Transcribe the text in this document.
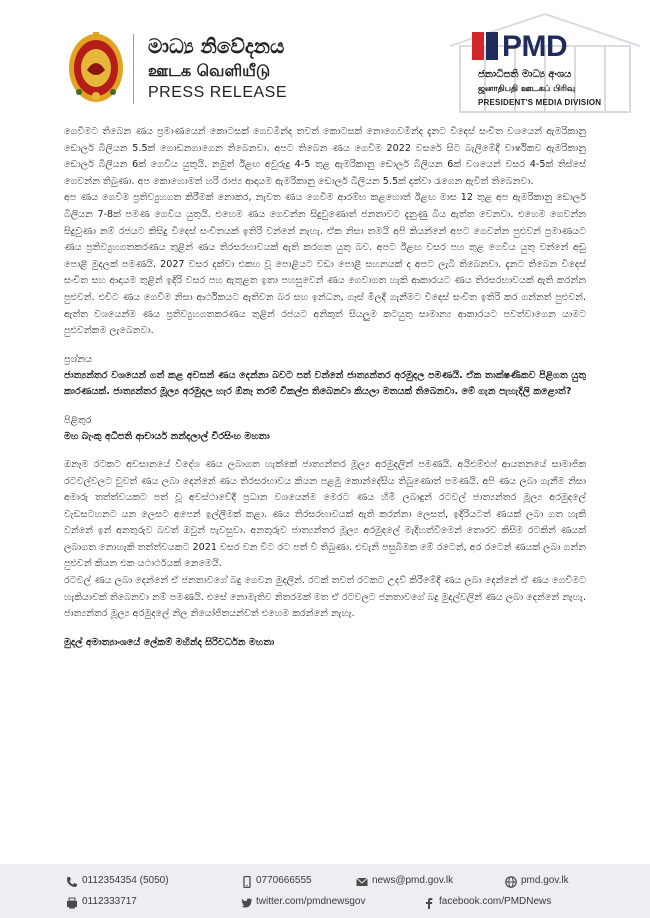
මාධ්‍ය නිවේදනය
ஊடக வெளியீடு
PRESS RELEASE
PMD
ජනාධිපති මාධ්‍ය අංශය
ஜனாதிபதி ஊடகப் பிரிவு
PRESIDENT'S MEDIA DIVISION

ගෙවීමට තිබෙන ණය ප්‍රමාණයෙන් කොටසක් ගෙවමින්ද තවත් කොටසක් නොගෙවමින්ද දැනට විදෙස් සංචිත වශයෙන් ඇමරිකානු ඩොලර් බිලියන 5.5ක් ගොඩනගාගෙන තිබෙනවා. අපට තිබෙන ණය ගෙවීම 2022 වසරේ සිට බැලිමේදී වාර්ෂිකව ඇමරිකානු ඩොලර් බිලියන 6ක් ගෙවිය යුතුයි. නමුත් ඊළඟ අවුරුදු 4-5 තුළ ඇමරිකානු ඩොලර් බිලියන 6ක් වශයෙන් වසර 4-5ක් තිස්සේ ගෙවන්න තිබුණා. අප කොහොමත් හරි රාජ්‍ය ආදායම ඇමරිකානු ඩොලර් බිලියන 5.5ක් දක්වා රැගෙන ඇවිත් තිබෙනවා.

අප ණය ගෙවීම ප්‍රතිව්‍යුහගත කිරීමක් නොකර, නැවත ණය ගෙවීම ආරම්භ කළහොත් ඊළඟ මාස 12 තුළ අප ඇමරිකානු ඩොලර් බිලියන 7-8ක් පමණ ගෙවිය යුතුයි. එහෙම ණය ගෙවන්න සිදුවුණොත් ජනතාවට දැනුණු බිය ඇත්ත වෙනවා. එහෙම ගෙවන්න සිදුවුණා නම් රජයට කිසිදු විදෙස් සංචිතයක් ඉතිරි වන්නේ නැහැ. ඒක නිසා තමයි අපි කියන්නේ අපට ගෙවන්න පුළුවන් ප්‍රමාණයට ණය ප්‍රතිව්‍යුහගතකරණය තුළින් ණය තිරසරභාවයක් ඇති කරගත යුතු බව. අපට ඊළඟ වසර පහ තුළ ගෙවිය යුතු වන්නේ අඩු පොළී මුදලක් පමණයි. 2027 වසර දක්වා එකහ වූ පොළියට වඩා පොළී සහනයක් ද අපට ලැබී තිබෙනවා. දැනට තිබෙන විදෙස් සංචිත සහ ආදායම තුළින් ඉදිරි වසර පහ ඇතුළත ඉතා පහසුවෙන් ණය ගෙවාගත හැකි ආකාරයට ණය තිරසරභාවයක් ඇති කරන්න පුළුවන්. එවිට ණය ගෙවීම නිසා ආර්ථිකයට ඇතිවන බර සහ ඉන්ධන, ගෑස් මිලදී ගැනීමට විදෙස් සංචිත ඉතිරි කර ගන්නත් පුළුවන්. ඇත්ත වශයෙන්ම ණය ප්‍රතිව්‍යුහගතකරණය තුළින් රජයට අනිකුත් සියලුම කටයුතු සාමාන්‍ය ආකාරයට පවත්වාගෙන යාමට පුළුවන්කම ලැබෙනවා.

ප්‍රශ්නය

ජාත්‍යන්තර වශයෙන් ගත් කළ අවසන් ණය දෙන්නා බවට පත් වන්නේ ජාත්‍යන්තර අරමුදල පමණයි. ඒක තාක්ෂණිකව පිළිගත යුතු කාරණයක්. ජාත්‍යන්තර මූල්‍ය අරමුදල හැර ඕනෑ තරම් විකල්ප තිබෙනවා කියලා මතයක් තිබෙනවා. මේ ගැන පැහැදිලි කළොත්?

පිළිතුර

මහ බැංකු අධිපති ආචාර්ය නන්දලාල් වීරසිංහ මහතා

ඔනෑම රටකට අවසානයේ විදේශ ණය ලබාගත හැක්කේ ජාත්‍යන්තර මූල්‍ය අරමුදලින් පමණයි. අයිඑම්එෆ් ආයතනයේ සාමාජික රටවල්වලට වුවත් ණය ලබා දෙන්නේ ණය තිරසරභාවය කියන පළමු කොන්දේසිය තිබුණොත් පමණයි. අපි ණය ලබා ගැනීම නිසා අමාරු තත්ත්වයකට පත් වූ අවස්ථාවේදී ප්‍රධාන වශයෙන්ම මෙරට ණය හිමි ලබාදුන් රටවල් ජාත්‍යන්තර මූල්‍ය අරමුදලේ වැඩසටහනට යන ලෙසට අපෙන් ඉල්ලීමක් කළා. ණය තිරසරභාවයක් ඇති කරන්නා ලෙසත්, ඉදිරියටත් ණයක් ලබා ගත හැකි වන්නේ ඉන් අනතුරුව බවත් ඔවුන් පැවසුවා. අනතුරුව ජාත්‍යන්තර මූල්‍ය අරමුදලේ මැදිහත්වීමෙන් තොරව කිසිම රටකින් ණයක් ලබාගත නොහැකි තත්ත්වයකට 2021 වසර වන විට රට පත් වී තිබුණා. එවැනි පසුබිමක මේ රටෙන්, අර රටෙන් ණයක් ලබා ගන්න පුළුවන් කියන එක යථාර්ථයක් නෙමෙයි.

රටවල් ණය ලබා දෙන්නේ ඒ ජනතාවගේ බදු ගෙවන මුදලින්. රටක් තවත් රටකට උදව් කිරීමේදී ණය ලබා දෙන්නේ ඒ ණය ගෙවීමට හැකියාවක් තිබෙනවා නම් පමණයි. එසේ නොමැතිව නිතරමක් මත ඒ රටවලට ජනතාවගේ බදු මුදල්වලින් ණය ලබා දෙන්නේ නැහැ. ජාත්‍යන්තර මූල්‍ය අරමුදලේ නිල නියෝජිතයන්වත් එහෙම කරන්නේ නැහැ.

මුදල් අමාත්‍යාංශයේ ලේකම් මහින්ද සිරිවර්ධන මහතා

0112354354 (5050)	0770666555	news@pmd.gov.lk	pmd.gov.lk
0112333717	twitter.com/pmdnewsgov	facebook.com/PMDNews
